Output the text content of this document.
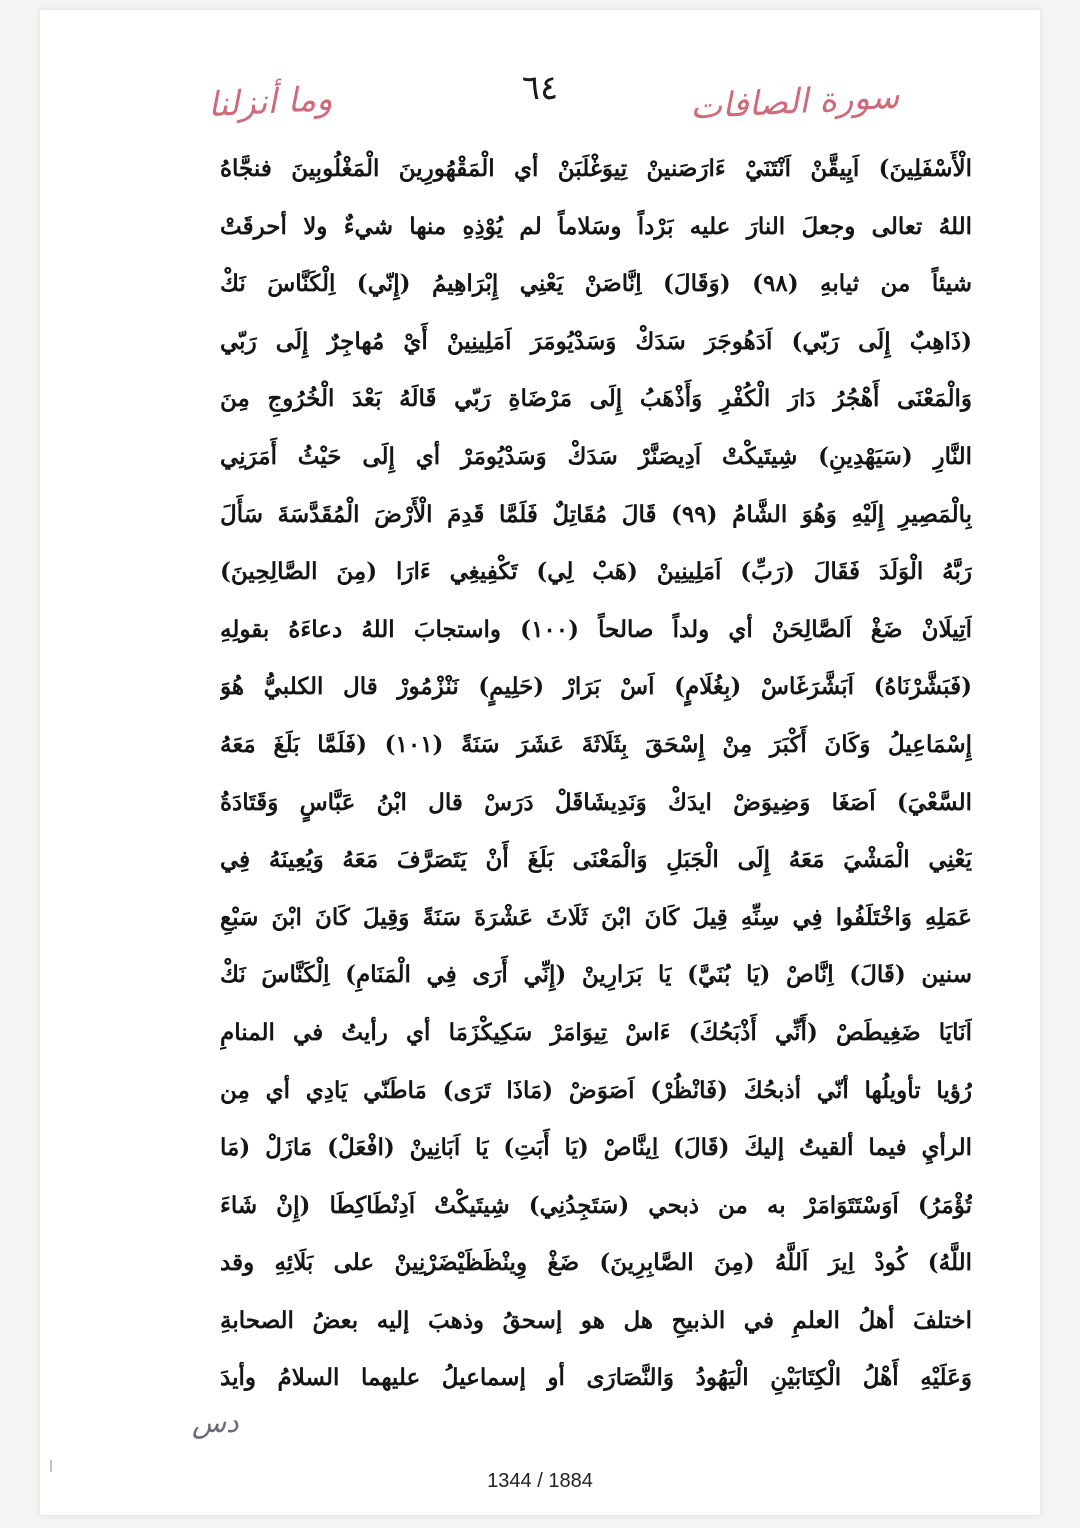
٦٤	سورة الصافات
وما أنزلنا
الْأَسْفَلِينَ) اَيِيقَّنْ اَنْتَنَيْ ءَارَصَنينْ تِيوَغْلَبَنْ أي الْمَقْهُورِينَ الْمَغْلُوبِينَ فنجَّاهُ
اللهُ تعالى وجعلَ النارَ عليه بَرْداً وسَلاماً لم يُوْذِهِ منها شيءٌ ولا أحرقَتْ
شيئاً من ثيابهِ (٩٨) (وَقَالَ) اِنَّاصَنْ يَعْنِي إِبْرَاهِيمُ (إِنّي) اِلْكَنَّاسَ نَكْ
(ذَاهِبٌ إِلَى رَبّي) اَدَهُوجَرَ سَدَكْ وَسَدْيُومَرَ اَمَلِينِينْ أَيْ مُهاجِرٌ إِلَى رَبّي
وَالْمَعْنَى أَهْجُرُ دَارَ الْكُفْرِ وَأَذْهَبُ إِلَى مَرْضَاةِ رَبّي قَالَهُ بَعْدَ الْخُرُوجِ مِنَ
النَّارِ (سَيَهْدِينِ) شِيتَيكْتْ اَدِيصَنَّرْ سَدَكْ وَسَدْيُومَرْ أي إِلَى حَيْثُ أَمَرَنِي
بِالْمَصِيرِ إِلَيْهِ وَهُوَ الشَّامُ (٩٩) قَالَ مُقَاتِلٌ فَلَمَّا قَدِمَ الْأَرْضَ الْمُقَدَّسَةَ سَأَلَ
رَبَّهُ الْوَلَدَ فَقَالَ (رَبِّ) اَمَلِينِينْ (هَبْ لِي) تَكْفِيغِي ءَارَا (مِنَ الصَّالِحِينَ)
اَتِيلَانْ ضَغْ اَلصَّالِحَنْ أي ولداً صالحاً (١٠٠) واستجابَ اللهُ دعاءَهُ بقولِهِ
(فَبَشَّرْنَاهُ) اَبَشَّرَغَاسْ (بِغُلَامٍ) اَسْ بَرَارْ (حَلِيمٍ) نَنْزْمُورْ قال الكلبيُّ هُوَ
إِسْمَاعِيلُ وَكَانَ أَكْبَرَ مِنْ إِسْحَقَ بِثَلَاثَةَ عَشَرَ سَنَةً (١٠١) (فَلَمَّا بَلَغَ مَعَهُ
السَّعْيَ) اَصَغَا وَضِيوَضْ ايدَكْ وَنَدِيشَاقَلْ دَرَسْ قال ابْنُ عَبَّاسٍ وَقَتَادَةُ
يَعْنِي الْمَشْيَ مَعَهُ إِلَى الْجَبَلِ وَالْمَعْنَى بَلَغَ أَنْ يَتَصَرَّفَ مَعَهُ وَيُعِينَهُ فِي
عَمَلِهِ وَاخْتَلَفُوا فِي سِنِّهِ قِيلَ كَانَ ابْنَ ثَلَاثَ عَشْرَةَ سَنَةً وَقِيلَ كَانَ ابْنَ سَبْعِ
سنين (قَالَ) اِنَّاصْ (يَا بُنَيَّ) يَا بَرَارِينْ (إِنِّي أَرَى فِي الْمَنَامِ) اِلْكَنَّاسَ نَكْ
اَنَايَا ضَغِيطَصْ (أَنِّي أَذْبَحُكَ) ءَاسْ تِيوَامَرْ سَكِيكْزَمَا أي رأيتُ في المنامِ
رُؤيا تأويلُها أنّي أذبحُكَ (فَانْظُرْ) اَصَوَضْ (مَاذَا تَرَى) مَاطَنّي يَادِي أي مِن
الرأيِ فيما ألقيتُ إليكَ (قَالَ) اِينَّاصْ (يَا أَبَتِ) يَا اَبَانِينْ (افْعَلْ) مَازَلْ (مَا
تُؤْمَرُ) اَوَسْتَتَوَامَرْ به من ذبحي (سَتَجِدُنِي) شِيتَيكْتْ اَدِنْطَاكِطَا (إِنْ شَاءَ
اللَّهُ) كُودْ اِيرَ اَللَّهُ (مِنَ الصَّابِرِينَ) ضَغْ وِينْظَظَيْضَرْنِينْ على بَلَائِهِ وقد
اختلفَ أهلُ العلمِ في الذبيحِ هل هو إسحقُ وذهبَ إليه بعضُ الصحابةِ
وَعَلَيْهِ أَهْلُ الْكِتَابَيْنِ الْيَهُودُ وَالنَّصَارَى أو إسماعيلُ عليهما السلامُ وأيدَ
دس
1344 / 1884
